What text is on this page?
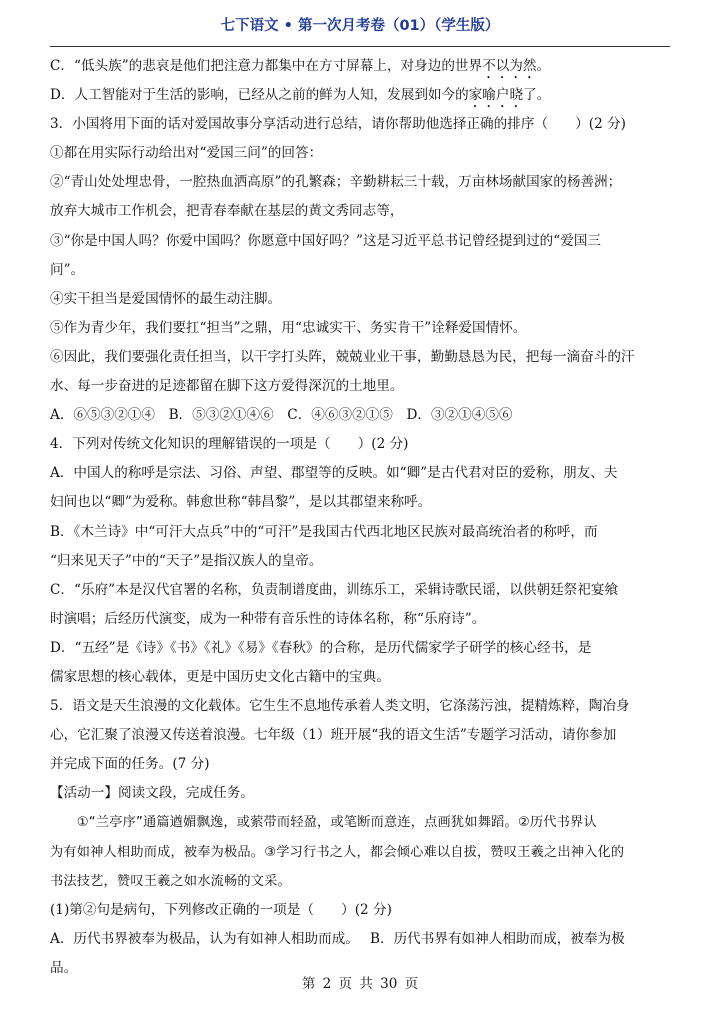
七下语文 • 第一次月考卷（01）（学生版）
C．“低头族”的悲哀是他们把注意力都集中在方寸屏幕上，对身边的世界不以为然。
D．人工智能对于生活的影响，已经从之前的鲜为人知，发展到如今的家喻户晓了。
3．小国将用下面的话对爱国故事分享活动进行总结，请你帮助他选择正确的排序（　　）(2 分)
①都在用实际行动给出对“爱国三问”的回答：
②“青山处处埋忠骨，一腔热血洒高原”的孔繁森；辛勤耕耘三十载，万亩林场献国家的杨善洲；
放弃大城市工作机会，把青春奉献在基层的黄文秀同志等，
③“你是中国人吗？你爱中国吗？你愿意中国好吗？”这是习近平总书记曾经提到过的“爱国三
问”。
④实干担当是爱国情怀的最生动注脚。
⑤作为青少年，我们要扛“担当”之鼎，用“忠诚实干、务实肯干”诠释爱国情怀。
⑥因此，我们要强化责任担当，以干字打头阵，兢兢业业干事，勤勤恳恳为民，把每一滴奋斗的汗
水、每一步奋进的足迹都留在脚下这方爱得深沉的土地里。
A．⑥⑤③②①④　B．⑤③②①④⑥　C．④⑥③②①⑤　D．③②①④⑤⑥
4．下列对传统文化知识的理解错误的一项是（　　）(2 分)
A．中国人的称呼是宗法、习俗、声望、郡望等的反映。如“卿”是古代君对臣的爱称，朋友、夫
妇间也以“卿”为爱称。韩愈世称“韩昌黎”，是以其郡望来称呼。
B．《木兰诗》中“可汗大点兵”中的“可汗”是我国古代西北地区民族对最高统治者的称呼，而
“归来见天子”中的“天子”是指汉族人的皇帝。
C．“乐府”本是汉代官署的名称，负责制谱度曲，训练乐工，采辑诗歌民谣，以供朝廷祭祀宴飨
时演唱；后经历代演变，成为一种带有音乐性的诗体名称，称“乐府诗”。
D．“五经”是《诗》《书》《礼》《易》《春秋》的合称，是历代儒家学子研学的核心经书，是
儒家思想的核心载体，更是中国历史文化古籍中的宝典。
5．语文是天生浪漫的文化载体。它生生不息地传承着人类文明，它涤荡污浊，提精炼粹，陶冶身
心，它汇聚了浪漫又传送着浪漫。七年级（1）班开展“我的语文生活”专题学习活动，请你参加
并完成下面的任务。(7 分)
【活动一】阅读文段，完成任务。
　　①“兰亭序”通篇遒媚飘逸，或萦带而轻盈，或笔断而意连，点画犹如舞蹈。②历代书界认
为有如神人相助而成，被奉为极品。③学习行书之人，都会倾心难以自拔，赞叹王羲之出神入化的
书法技艺，赞叹王羲之如水流畅的文采。
(1)第②句是病句，下列修改正确的一项是（　　）(2 分)
A．历代书界被奉为极品，认为有如神人相助而成。　 B．历代书界有如神人相助而成，被奉为极
品。
第 2 页 共 30 页
